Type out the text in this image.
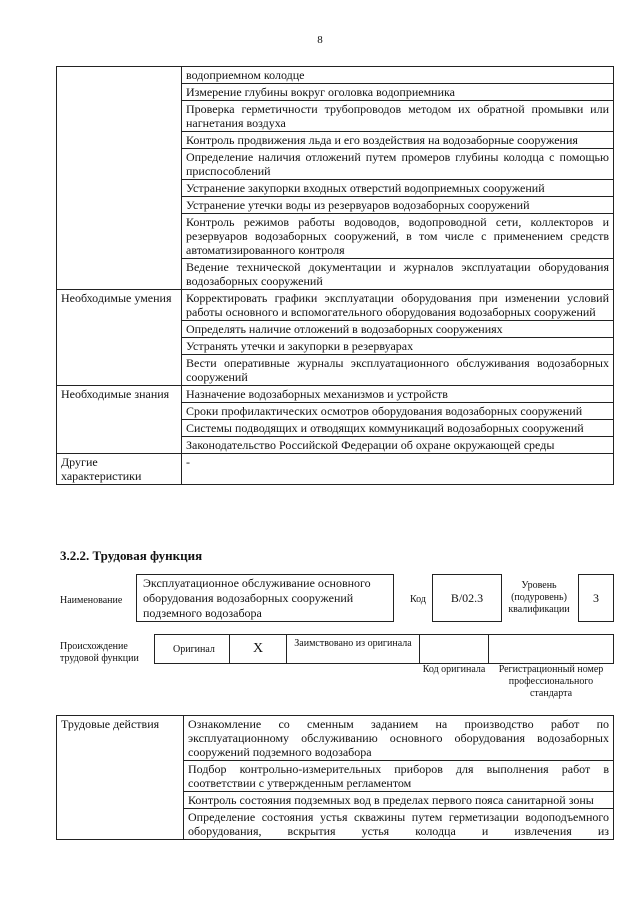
8
	водоприемном колодце
	Измерение глубины вокруг оголовка водоприемника
	Проверка герметичности трубопроводов методом их обратной промывки или нагнетания воздуха
	Контроль продвижения льда и его воздействия на водозаборные сооружения
	Определение наличия отложений путем промеров глубины колодца с помощью приспособлений
	Устранение закупорки входных отверстий водоприемных сооружений
	Устранение утечки воды из резервуаров водозаборных сооружений
	Контроль режимов работы водоводов, водопроводной сети, коллекторов и резервуаров водозаборных сооружений, в том числе с применением средств автоматизированного контроля
	Ведение технической документации и журналов эксплуатации оборудования водозаборных сооружений
Необходимые умения	Корректировать графики эксплуатации оборудования при изменении условий работы основного и вспомогательного оборудования водозаборных сооружений
	Определять наличие отложений в водозаборных сооружениях
	Устранять утечки и закупорки в резервуарах
	Вести оперативные журналы эксплуатационного обслуживания водозаборных сооружений
Необходимые знания	Назначение водозаборных механизмов и устройств
	Сроки профилактических осмотров оборудования водозаборных сооружений
	Системы подводящих и отводящих коммуникаций водозаборных сооружений
	Законодательство Российской Федерации об охране окружающей среды
Другие характеристики	-
3.2.2. Трудовая функция
Наименование
Эксплуатационное обслуживание основного оборудования водозаборных сооружений подземного водозабора
Код	B/02.3
Уровень (подуровень) квалификации
3
Происхождение трудовой функции
Оригинал	X	Заимствовано из оригинала
Код оригинала	Регистрационный номер профессионального стандарта
Трудовые действия	Ознакомление со сменным заданием на производство работ по эксплуатационному обслуживанию основного оборудования водозаборных сооружений подземного водозабора
Подбор контрольно-измерительных приборов для выполнения работ в соответствии с утвержденным регламентом
Контроль состояния подземных вод в пределах первого пояса санитарной зоны
Определение состояния устья скважины путем герметизации водоподъемного оборудования, вскрытия устья колодца и извлечения из
